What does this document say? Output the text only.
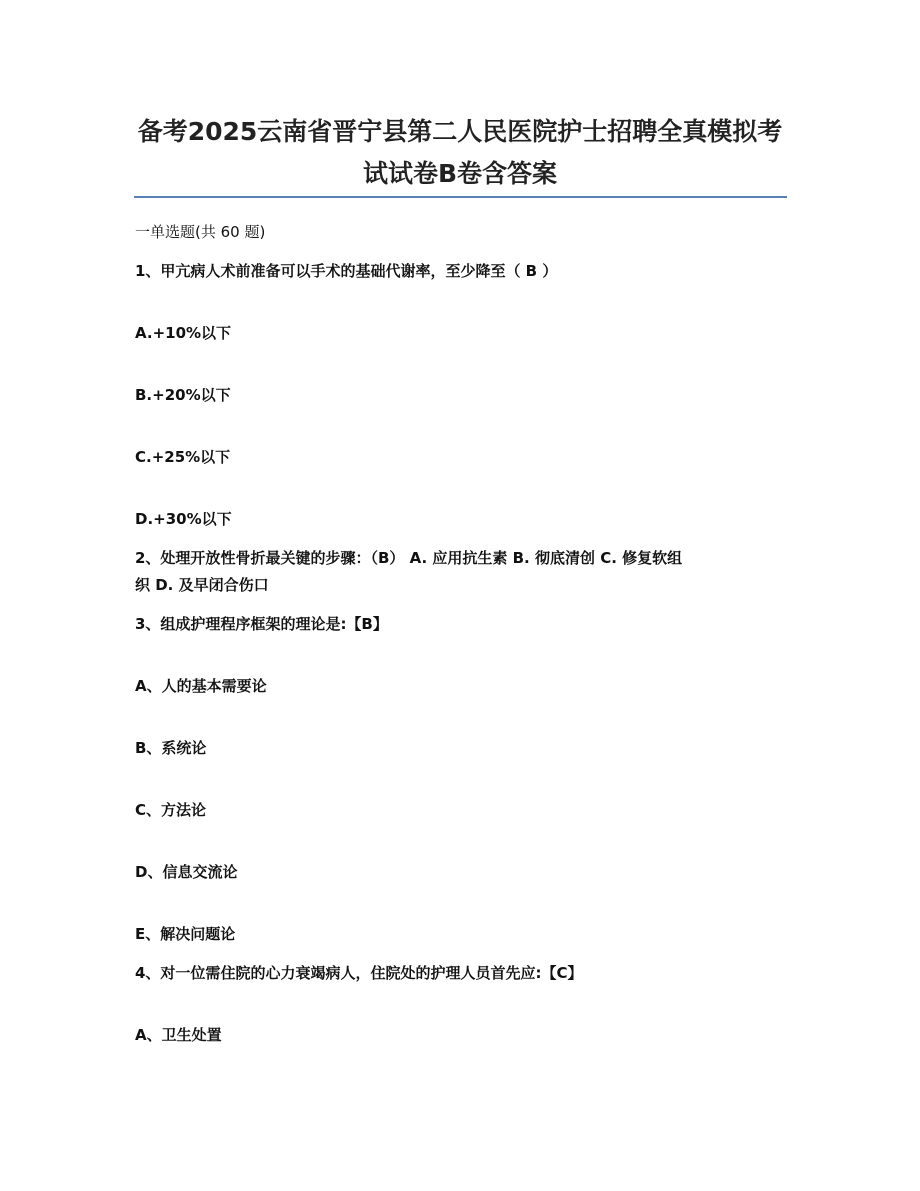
备考2025云南省晋宁县第二人民医院护士招聘全真模拟考
试试卷B卷含答案
一单选题(共 60 题)
1、甲亢病人术前准备可以手术的基础代谢率，至少降至（ B ）
A.+10%以下
B.+20%以下
C.+25%以下
D.+30%以下
2、处理开放性骨折最关键的步骤：（B） A. 应用抗生素 B. 彻底清创 C. 修复软组
织 D. 及早闭合伤口
3、组成护理程序框架的理论是:【B】
A、人的基本需要论
B、系统论
C、方法论
D、信息交流论
E、解决问题论
4、对一位需住院的心力衰竭病人，住院处的护理人员首先应:【C】
A、卫生处置
